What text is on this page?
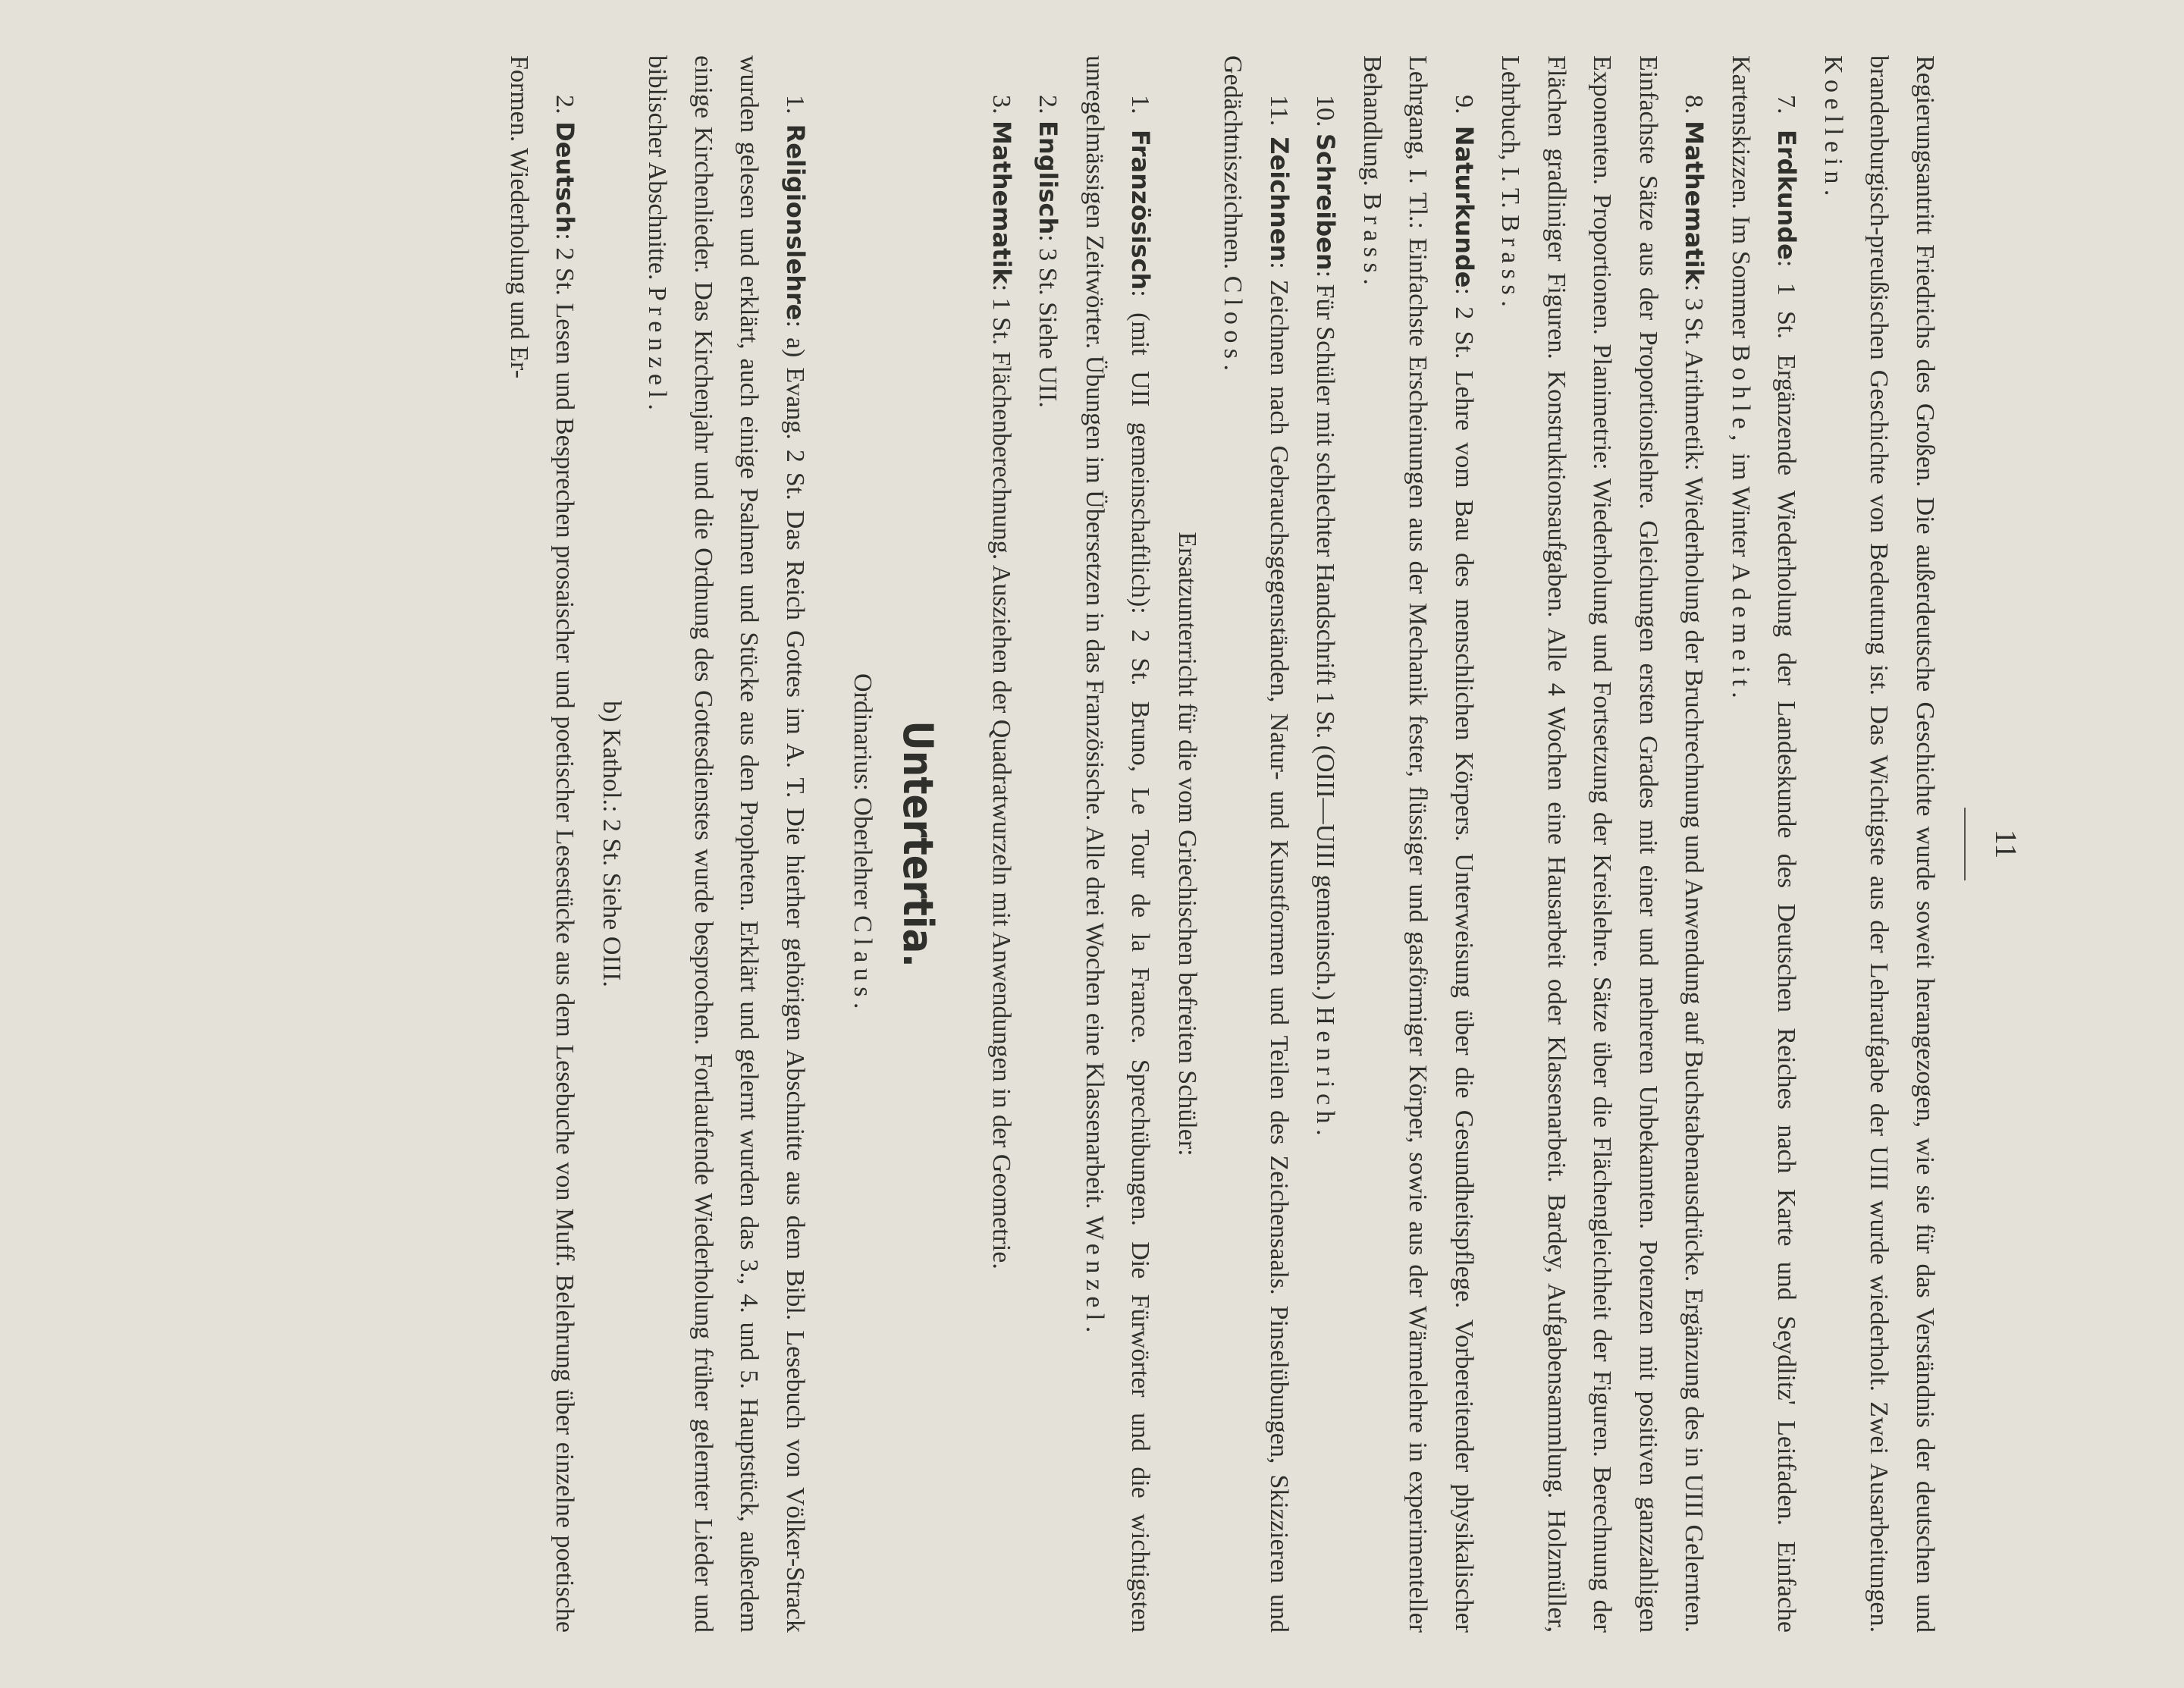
11

Regierungsantritt Friedrichs des Großen. Die außerdeutsche Geschichte wurde soweit herangezogen, wie sie für das Verständnis der deutschen und brandenburgisch-preußischen Geschichte von Bedeutung ist. Das Wichtigste aus der Lehraufgabe der UIII wurde wiederholt. Zwei Ausarbeitungen. Koellein.

7. Erdkunde: 1 St. Ergänzende Wiederholung der Landeskunde des Deutschen Reiches nach Karte und Seydlitz' Leitfaden. Einfache Kartenskizzen. Im Sommer Bohle, im Winter Ademeit.

8. Mathematik: 3 St. Arithmetik: Wiederholung der Bruchrechnung und Anwendung auf Buchstabenausdrücke. Ergänzung des in UIII Gelernten. Einfachste Sätze aus der Proportionslehre. Gleichungen ersten Grades mit einer und mehreren Unbekannten. Potenzen mit positiven ganzzahligen Exponenten. Proportionen. Planimetrie: Wiederholung und Fortsetzung der Kreislehre. Sätze über die Flächengleichheit der Figuren. Berechnung der Flächen gradliniger Figuren. Konstruktionsaufgaben. Alle 4 Wochen eine Hausarbeit oder Klassenarbeit. Bardey, Aufgabensammlung. Holzmüller, Lehrbuch, I. T. Brass.

9. Naturkunde: 2 St. Lehre vom Bau des menschlichen Körpers. Unterweisung über die Gesundheitspflege. Vorbereitender physikalischer Lehrgang, I. Tl.: Einfachste Erscheinungen aus der Mechanik fester, flüssiger und gasförmiger Körper, sowie aus der Wärmelehre in experimenteller Behandlung. Brass.

10. Schreiben: Für Schüler mit schlechter Handschrift 1 St. (OIII—UIII gemeinsch.) Henrich.

11. Zeichnen: Zeichnen nach Gebrauchsgegenständen, Natur- und Kunstformen und Teilen des Zeichensaals. Pinselübungen, Skizzieren und Gedächtniszeichnen. Cloos.

Ersatzunterricht für die vom Griechischen befreiten Schüler:

1. Französisch: (mit UII gemeinschaftlich): 2 St. Bruno, Le Tour de la France. Sprechübungen. Die Fürwörter und die wichtigsten unregelmässigen Zeitwörter. Übungen im Übersetzen in das Französische. Alle drei Wochen eine Klassenarbeit. Wenzel.

2. Englisch: 3 St. Siehe UII.

3. Mathematik: 1 St. Flächenberechnung. Ausziehen der Quadratwurzeln mit Anwendungen in der Geometrie.

Untertertia.
Ordinarius: Oberlehrer Claus.

1. Religionslehre: a) Evang. 2 St. Das Reich Gottes im A. T. Die hierher gehörigen Abschnitte aus dem Bibl. Lesebuch von Völker-Strack wurden gelesen und erklärt, auch einige Psalmen und Stücke aus den Propheten. Erklärt und gelernt wurden das 3., 4. und 5. Hauptstück, außerdem einige Kirchenlieder. Das Kirchenjahr und die Ordnung des Gottesdienstes wurde besprochen. Fortlaufende Wiederholung früher gelernter Lieder und biblischer Abschnitte. Prenzel.

b) Kathol.: 2 St. Siehe OIII.

2. Deutsch: 2 St. Lesen und Besprechen prosaischer und poetischer Lesestücke aus dem Lesebuche von Muff. Belehrung über einzelne poetische Formen. Wiederholung und Er-
